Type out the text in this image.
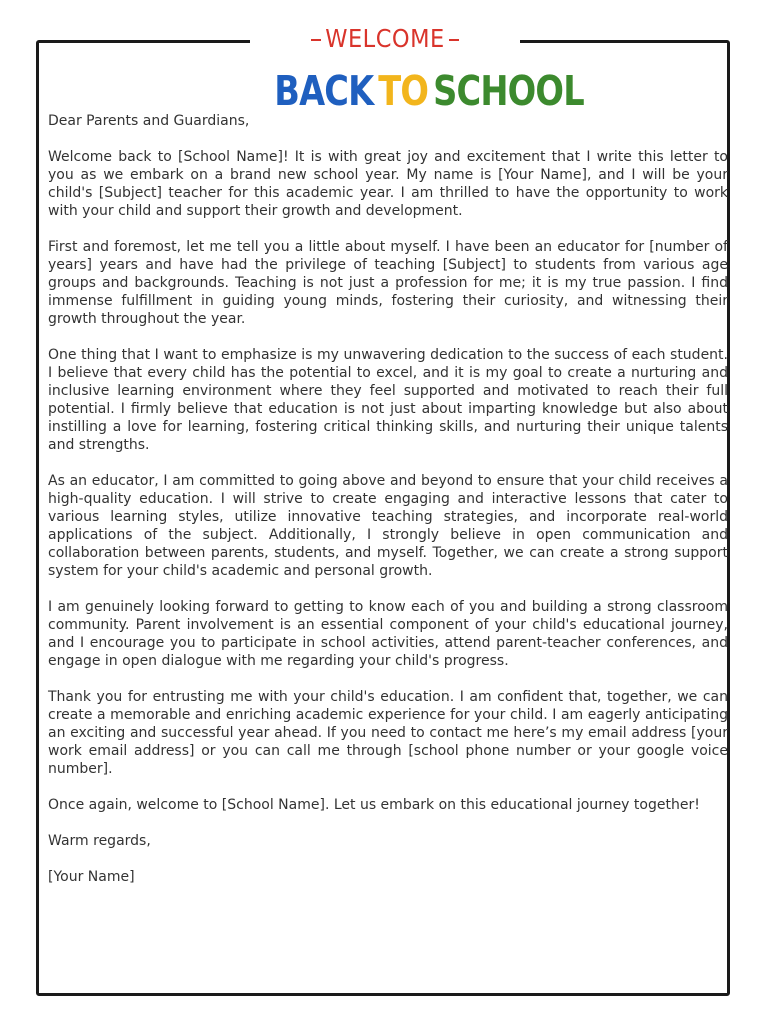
WELCOME
BACK TO SCHOOL

Dear Parents and Guardians,

Welcome back to [School Name]! It is with great joy and excitement that I write this letter to you as we embark on a brand new school year. My name is [Your Name], and I will be your child's [Subject] teacher for this academic year. I am thrilled to have the opportunity to work with your child and support their growth and development.

First and foremost, let me tell you a little about myself. I have been an educator for [number of years] years and have had the privilege of teaching [Subject] to students from various age groups and backgrounds. Teaching is not just a profession for me; it is my true passion. I find immense fulfillment in guiding young minds, fostering their curiosity, and witnessing their growth throughout the year.

One thing that I want to emphasize is my unwavering dedication to the success of each student. I believe that every child has the potential to excel, and it is my goal to create a nurturing and inclusive learning environment where they feel supported and motivated to reach their full potential. I firmly believe that education is not just about imparting knowledge but also about instilling a love for learning, fostering critical thinking skills, and nurturing their unique talents and strengths.

As an educator, I am committed to going above and beyond to ensure that your child receives a high-quality education. I will strive to create engaging and interactive lessons that cater to various learning styles, utilize innovative teaching strategies, and incorporate real-world applications of the subject. Additionally, I strongly believe in open communication and collaboration between parents, students, and myself. Together, we can create a strong support system for your child's academic and personal growth.

I am genuinely looking forward to getting to know each of you and building a strong classroom community. Parent involvement is an essential component of your child's educational journey, and I encourage you to participate in school activities, attend parent-teacher conferences, and engage in open dialogue with me regarding your child's progress.

Thank you for entrusting me with your child's education. I am confident that, together, we can create a memorable and enriching academic experience for your child. I am eagerly anticipating an exciting and successful year ahead. If you need to contact me here’s my email address [your work email address] or you can call me through [school phone number or your google voice number].

Once again, welcome to [School Name]. Let us embark on this educational journey together!

Warm regards,

[Your Name]
